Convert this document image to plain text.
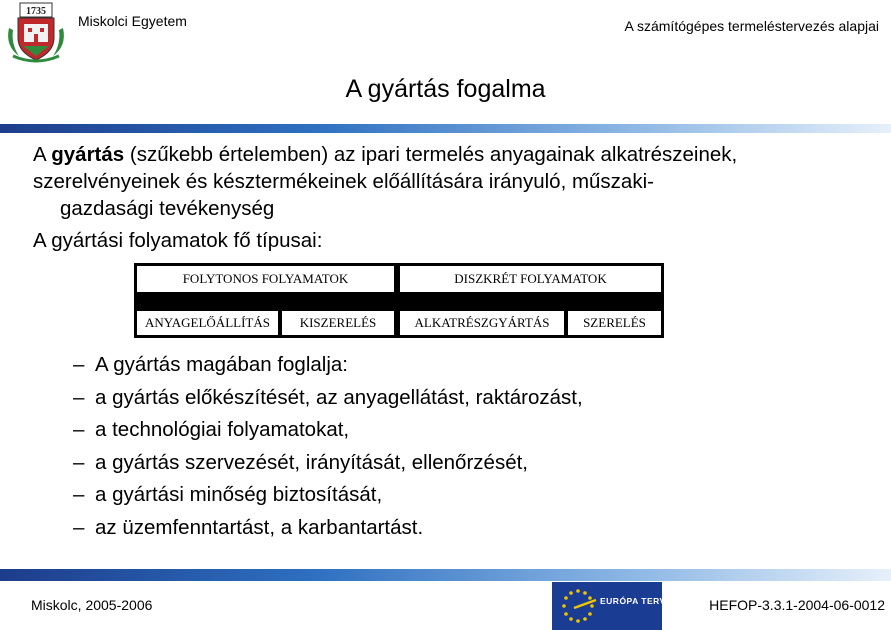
1735
Miskolci Egyetem	A számítógépes termeléstervezés alapjai
A gyártás fogalma
A gyártás (szűkebb értelemben) az ipari termelés anyagainak alkatrészeinek,
szerelvényeinek és késztermékeinek előállítására irányuló, műszaki-
gazdasági tevékenység
A gyártási folyamatok fő típusai:
FOLYTONOS FOLYAMATOK	DISZKRÉT FOLYAMATOK
ANYAGELŐÁLLÍTÁS	KISZERELÉS	ALKATRÉSZGYÁRTÁS	SZERELÉS
– A gyártás magában foglalja:
– a gyártás előkészítését, az anyagellátást, raktározást,
– a technológiai folyamatokat,
– a gyártás szervezését, irányítását, ellenőrzését,
– a gyártási minőség biztosítását,
– az üzemfenntartást, a karbantartást.
Miskolc, 2005-2006	EURÓPA TERV	HEFOP-3.3.1-2004-06-0012
